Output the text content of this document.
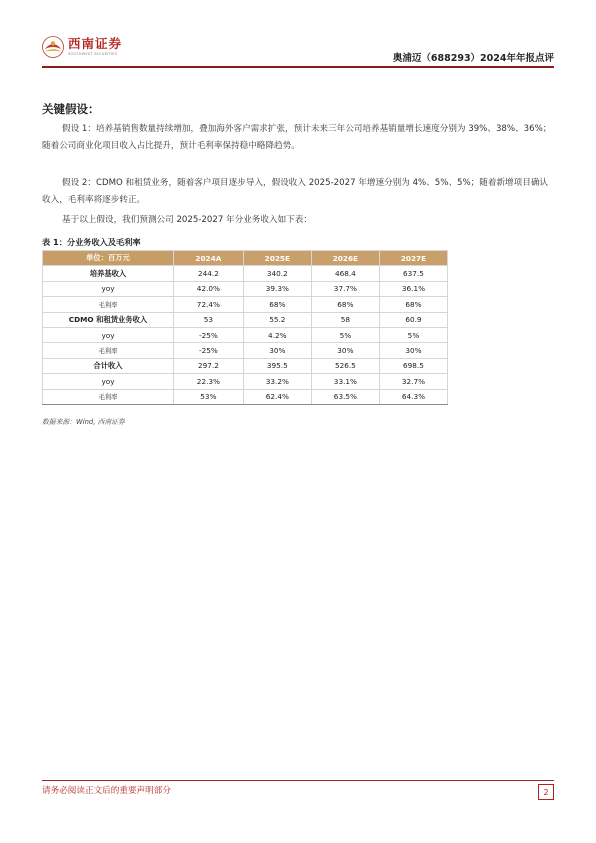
西南证券
SOUTHWEST SECURITIES	奥浦迈（688293）2024年年报点评
关键假设：

假设 1：培养基销售数量持续增加，叠加海外客户需求扩张，预计未来三年公司培养基销量增长速度分别为 39%、38%、36%；随着公司商业化项目收入占比提升，预计毛利率保持稳中略降趋势。

假设 2：CDMO 和租赁业务，随着客户项目逐步导入，假设收入 2025-2027 年增速分别为 4%、5%、5%；随着新增项目确认收入，毛利率将逐步转正。

基于以上假设，我们预测公司 2025-2027 年分业务收入如下表：

表 1：分业务收入及毛利率
单位：百万元	2024A	2025E	2026E	2027E
培养基收入	244.2	340.2	468.4	637.5
yoy	42.0%	39.3%	37.7%	36.1%
毛利率	72.4%	68%	68%	68%
CDMO 和租赁业务收入	53	55.2	58	60.9
yoy	-25%	4.2%	5%	5%
毛利率	-25%	30%	30%	30%
合计收入	297.2	395.5	526.5	698.5
yoy	22.3%	33.2%	33.1%	32.7%
毛利率	53%	62.4%	63.5%	64.3%
数据来源：Wind, 西南证券
请务必阅读正文后的重要声明部分	2
